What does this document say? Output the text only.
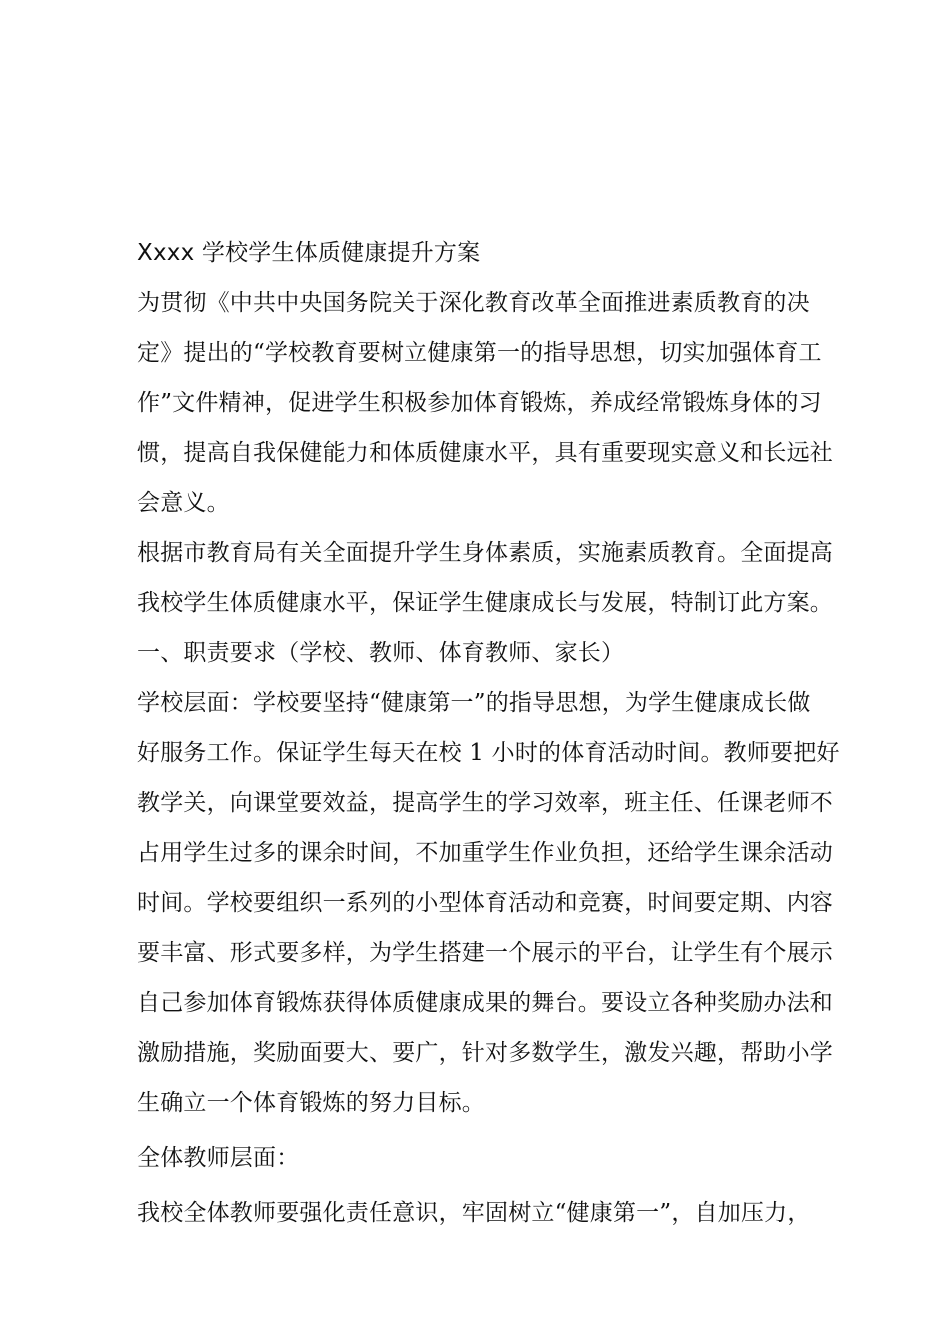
Xxxx 学校学生体质健康提升方案
为贯彻《中共中央国务院关于深化教育改革全面推进素质教育的决
定》提出的“学校教育要树立健康第一的指导思想，切实加强体育工
作”文件精神，促进学生积极参加体育锻炼，养成经常锻炼身体的习
惯，提高自我保健能力和体质健康水平，具有重要现实意义和长远社
会意义。
根据市教育局有关全面提升学生身体素质，实施素质教育。全面提高
我校学生体质健康水平，保证学生健康成长与发展，特制订此方案。
一、职责要求（学校、教师、体育教师、家长）
学校层面：学校要坚持“健康第一”的指导思想，为学生健康成长做
好服务工作。保证学生每天在校 1 小时的体育活动时间。教师要把好
教学关，向课堂要效益，提高学生的学习效率，班主任、任课老师不
占用学生过多的课余时间，不加重学生作业负担，还给学生课余活动
时间。学校要组织一系列的小型体育活动和竞赛，时间要定期、内容
要丰富、形式要多样，为学生搭建一个展示的平台，让学生有个展示
自己参加体育锻炼获得体质健康成果的舞台。要设立各种奖励办法和
激励措施，奖励面要大、要广，针对多数学生，激发兴趣，帮助小学
生确立一个体育锻炼的努力目标。
全体教师层面：
我校全体教师要强化责任意识，牢固树立“健康第一”，自加压力，
